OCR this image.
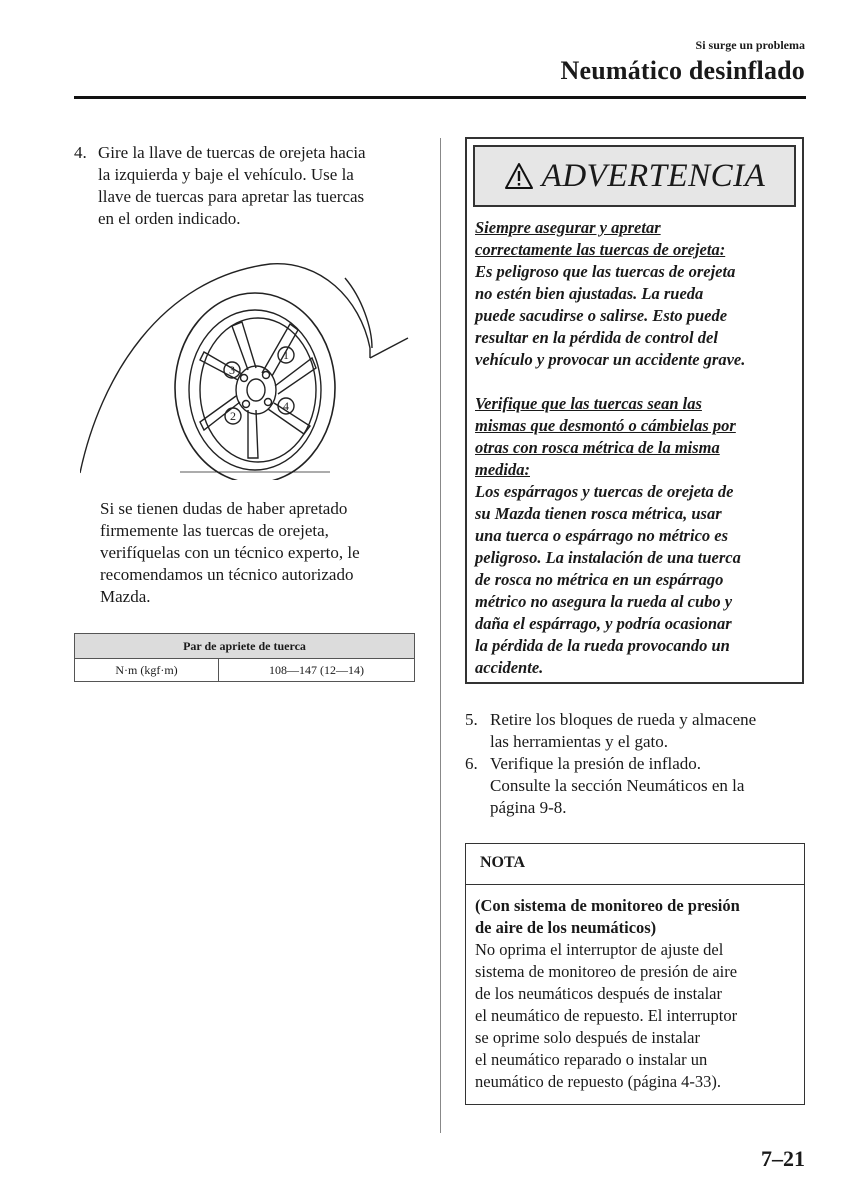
Si surge un problema
Neumático desinflado
4. Gire la llave de tuercas de orejeta hacia
la izquierda y baje el vehículo. Use la
llave de tuercas para apretar las tuercas
en el orden indicado.
1
2
3
4
Si se tienen dudas de haber apretado
firmemente las tuercas de orejeta,
verifíquelas con un técnico experto, le
recomendamos un técnico autorizado
Mazda.
Par de apriete de tuerca
N·m (kgf·m)	108—147 (12—14)
ADVERTENCIA
Siempre asegurar y apretar
correctamente las tuercas de orejeta:
Es peligroso que las tuercas de orejeta
no estén bien ajustadas. La rueda
puede sacudirse o salirse. Esto puede
resultar en la pérdida de control del
vehículo y provocar un accidente grave.
Verifique que las tuercas sean las
mismas que desmontó o cámbielas por
otras con rosca métrica de la misma
medida:
Los espárragos y tuercas de orejeta de
su Mazda tienen rosca métrica, usar
una tuerca o espárrago no métrico es
peligroso. La instalación de una tuerca
de rosca no métrica en un espárrago
métrico no asegura la rueda al cubo y
daña el espárrago, y podría ocasionar
la pérdida de la rueda provocando un
accidente.
5. Retire los bloques de rueda y almacene
las herramientas y el gato.
6. Verifique la presión de inflado.
Consulte la sección Neumáticos en la
página 9-8.
NOTA
(Con sistema de monitoreo de presión
de aire de los neumáticos)
No oprima el interruptor de ajuste del
sistema de monitoreo de presión de aire
de los neumáticos después de instalar
el neumático de repuesto. El interruptor
se oprime solo después de instalar
el neumático reparado o instalar un
neumático de repuesto (página 4-33).
7–21
